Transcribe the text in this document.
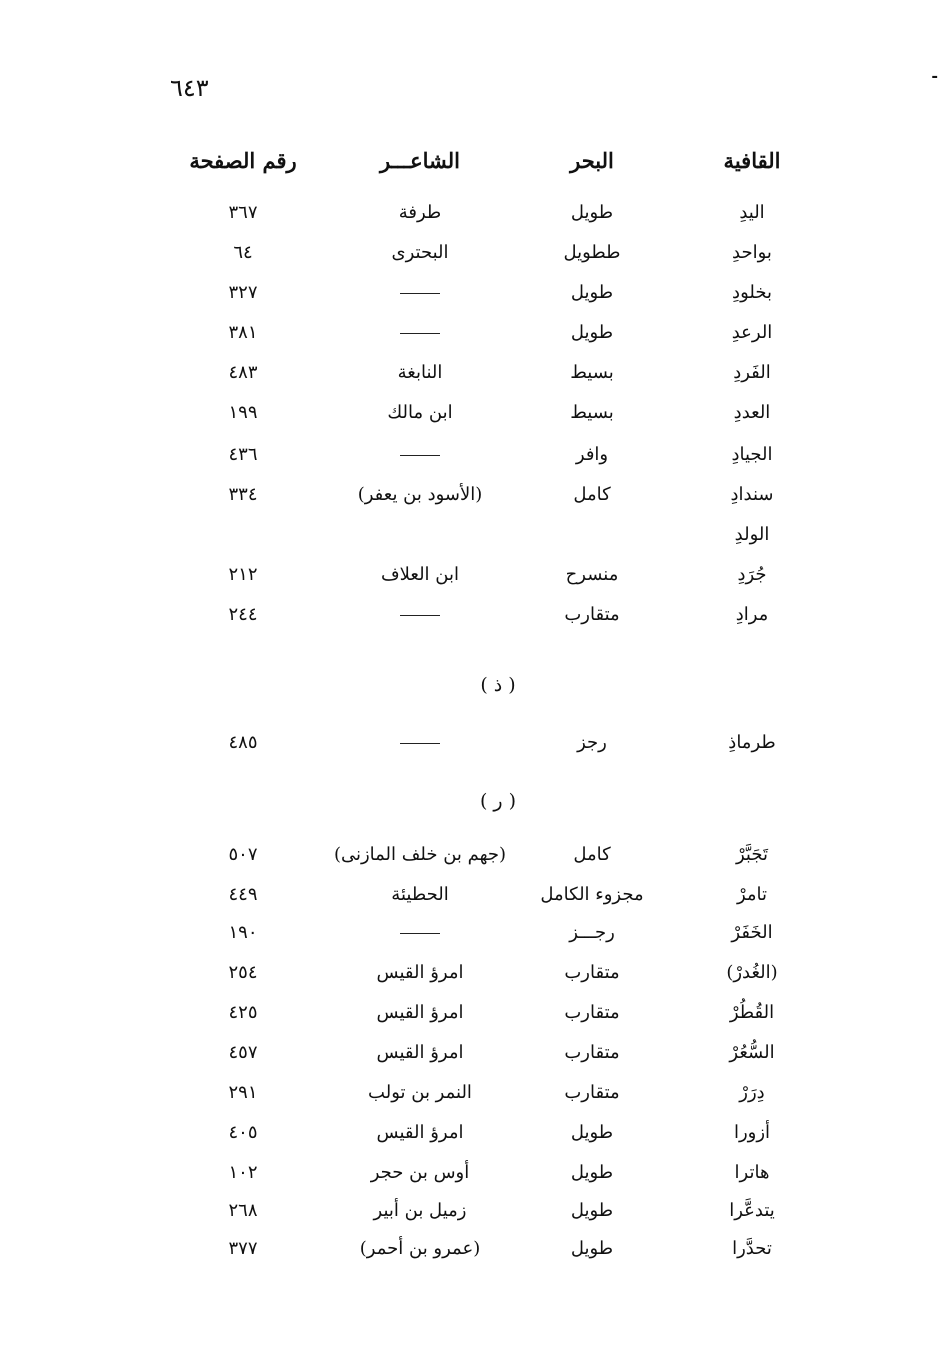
٦٤٣	-
القافية
البحر
الشاعـــر
رقم الصفحة
اليدِ
طويل
طرفة
٣٦٧
بواحدِ
ططويل
البحترى
٦٤
بخلودِ
طويل
٣٢٧
الرعدِ
طويل
٣٨١
الفَردِ
بسيط
النابغة
٤٨٣
العددِ
بسيط
ابن مالك
١٩٩
الجيادِ
وافر
٤٣٦
سندادِ
كامل
(الأسود بن يعفر)
٣٣٤
الولدِ
جُرَدِ
منسرح
ابن العلاف
٢١٢
مرادِ
متقارب
٢٤٤
( ذ )
طرماذِ
رجز
٤٨٥
( ر )
تَجَبَّرْ
كامل
(جهم بن خلف المازنى)
٥٠٧
تامرْ
مجزوء الكامل
الحطيئة
٤٤٩
الخَفَرْ
رجـــز
١٩٠
(الغُدرْ)
متقارب
امرؤ القيس
٢٥٤
القُطُرْ
متقارب
امرؤ القيس
٤٢٥
السُّعُرْ
متقارب
امرؤ القيس
٤٥٧
دِرَرْ
متقارب
النمر بن تولب
٢٩١
أزورا
طويل
امرؤ القيس
٤٠٥
هاترا
طويل
أوس بن حجر
١٠٢
يتدعَّرا
طويل
زميل بن أبير
٢٦٨
تحدَّرا
طويل
(عمرو بن أحمر)
٣٧٧
